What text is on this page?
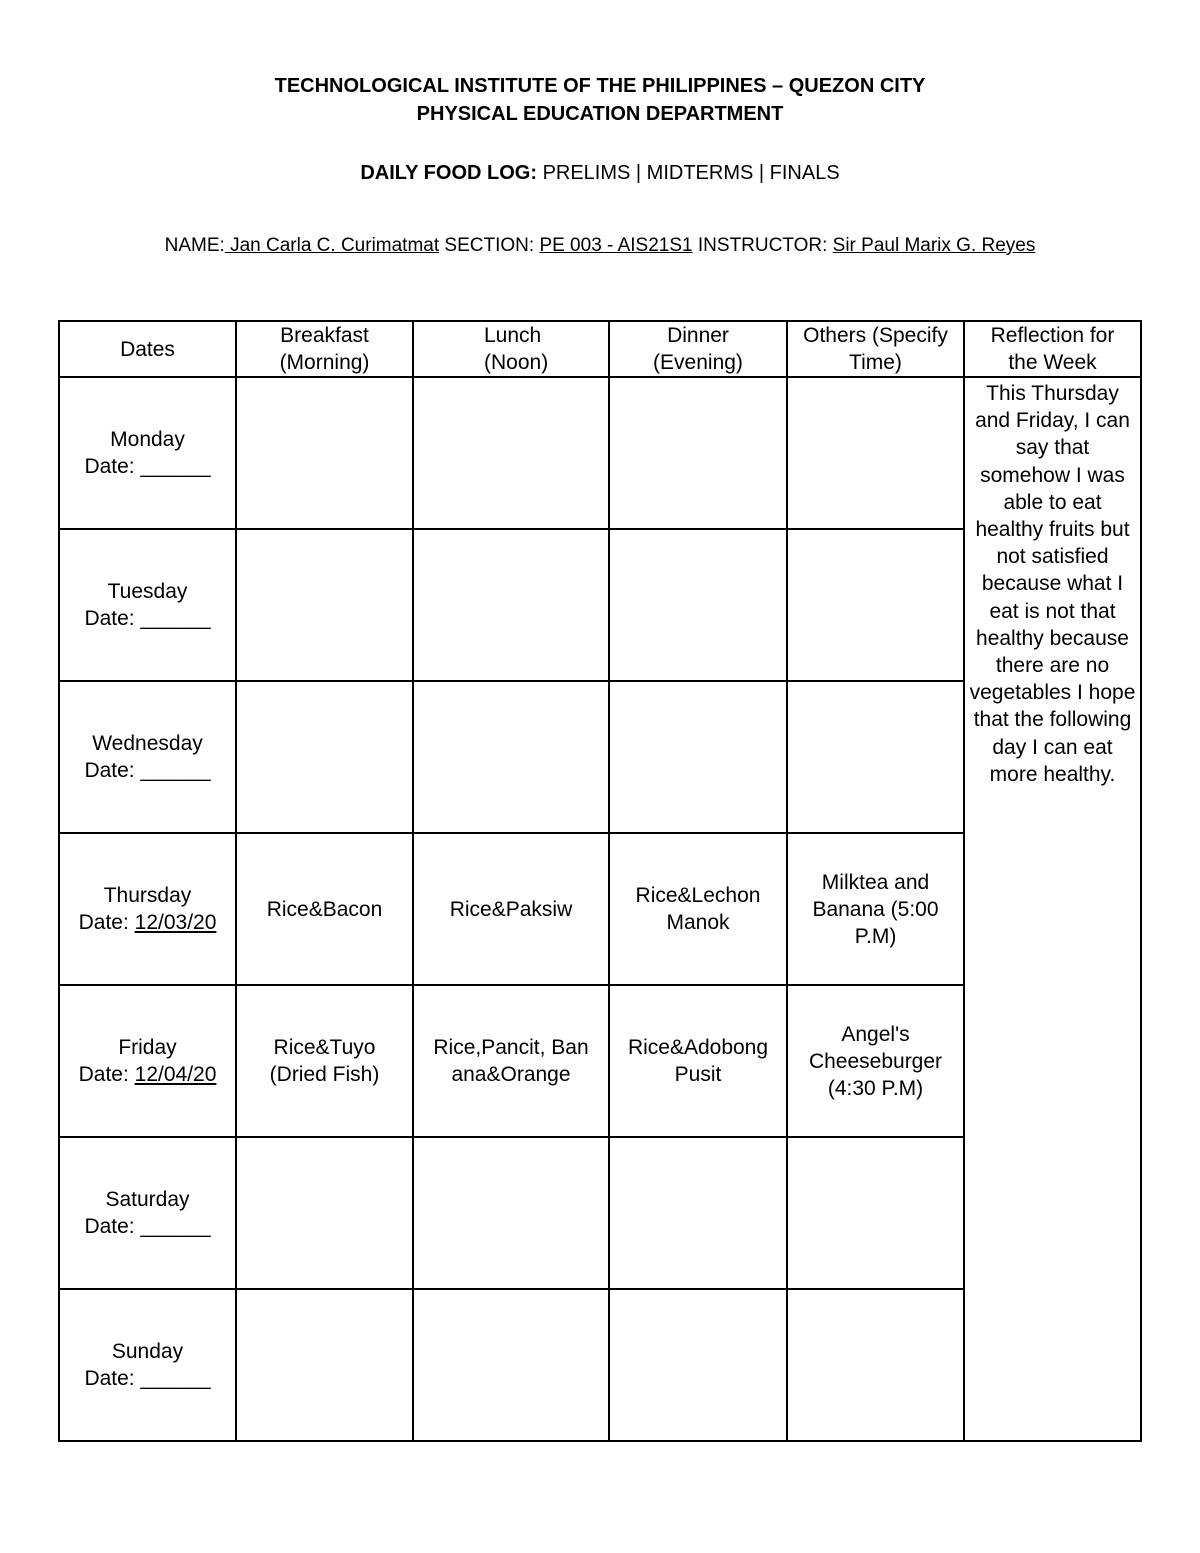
TECHNOLOGICAL INSTITUTE OF THE PHILIPPINES – QUEZON CITY
PHYSICAL EDUCATION DEPARTMENT
DAILY FOOD LOG: PRELIMS | MIDTERMS | FINALS
NAME: Jan Carla C. Curimatmat SECTION: PE 003 - AIS21S1 INSTRUCTOR: Sir Paul Marix G. Reyes
Dates	Breakfast (Morning)	Lunch (Noon)	Dinner (Evening)	Others (Specify Time)	Reflection for the Week

Monday
Date: ______					This Thursday and Friday, I can say that somehow I was able to eat healthy fruits but not satisfied because what I eat is not that healthy because there are no vegetables I hope that the following day I can eat more healthy.

Tuesday
Date: ______					

Wednesday
Date: ______					

Thursday
Date: 12/03/20	Rice&Bacon	Rice&Paksiw	Rice&Lechon Manok	Milktea and Banana (5:00 P.M)	

Friday
Date: 12/04/20	Rice&Tuyo (Dried Fish)	Rice,Pancit, Banana&Orange	Rice&Adobong Pusit	Angel's Cheeseburger (4:30 P.M)	

Saturday
Date: ______					

Sunday
Date: ______					
